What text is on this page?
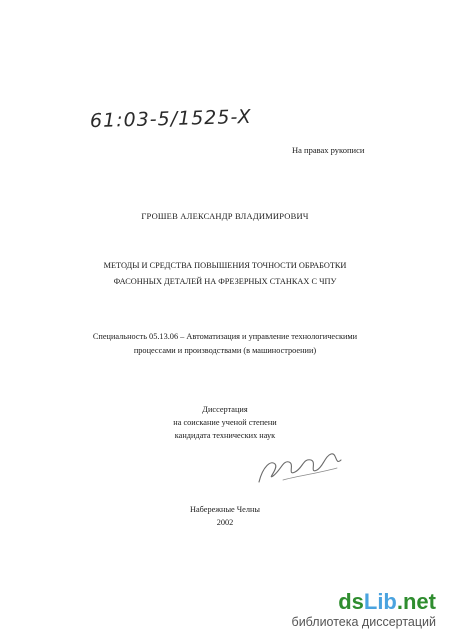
61:03-5/1525-X
На правах рукописи
ГРОШЕВ АЛЕКСАНДР ВЛАДИМИРОВИЧ
МЕТОДЫ И СРЕДСТВА ПОВЫШЕНИЯ ТОЧНОСТИ ОБРАБОТКИ
ФАСОННЫХ ДЕТАЛЕЙ НА ФРЕЗЕРНЫХ СТАНКАХ С ЧПУ
Специальность 05.13.06 – Автоматизация и управление технологическими
процессами и производствами (в машиностроении)
Диссертация
на соискание ученой степени
кандидата технических наук
Набережные Челны
2002
dsLib.net
библиотека диссертаций
